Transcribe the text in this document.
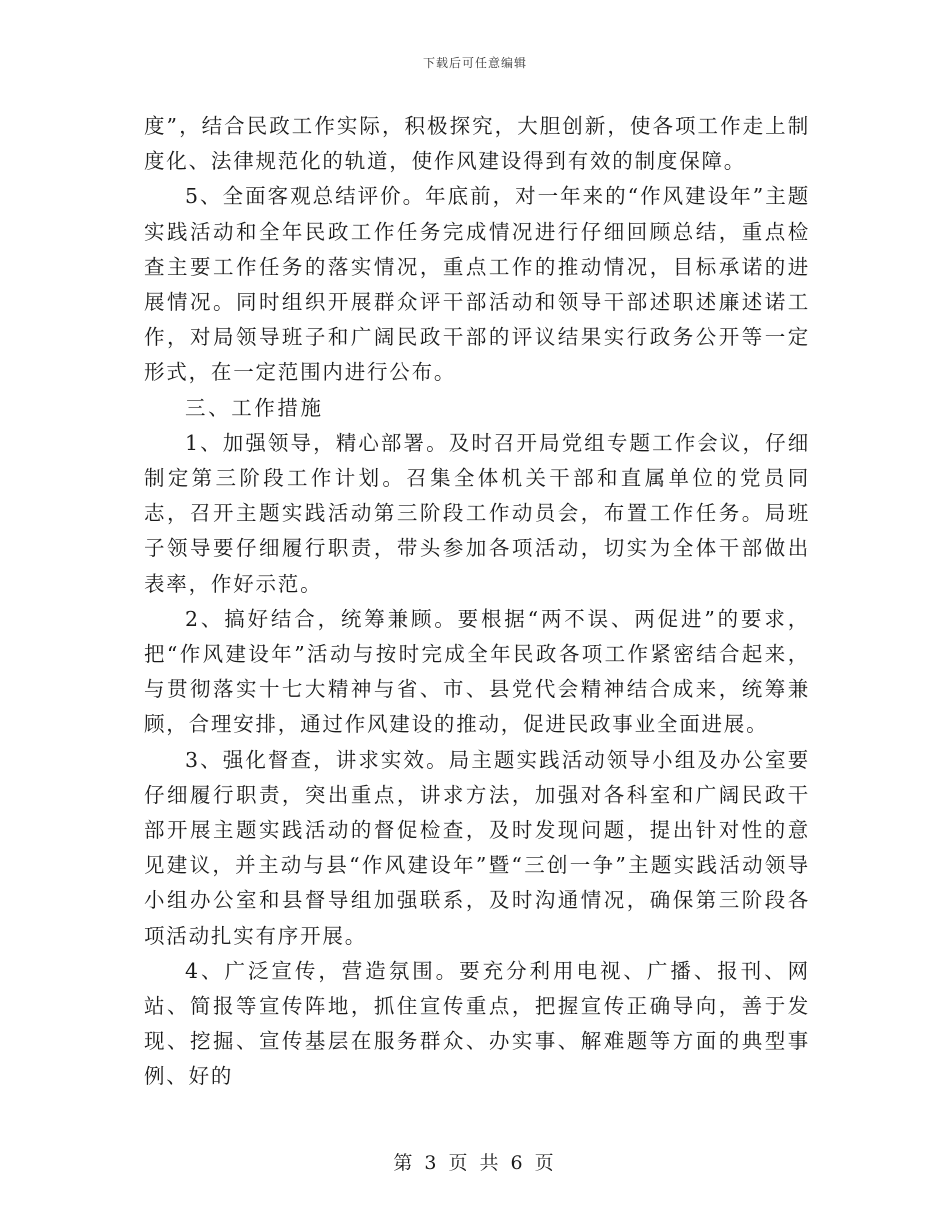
下载后可任意编辑

度”，结合民政工作实际，积极探究，大胆创新，使各项工作走上制度化、法律规范化的轨道，使作风建设得到有效的制度保障。

5、全面客观总结评价。年底前，对一年来的“作风建设年”主题实践活动和全年民政工作任务完成情况进行仔细回顾总结，重点检查主要工作任务的落实情况，重点工作的推动情况，目标承诺的进展情况。同时组织开展群众评干部活动和领导干部述职述廉述诺工作，对局领导班子和广阔民政干部的评议结果实行政务公开等一定形式，在一定范围内进行公布。

三、工作措施

1、加强领导，精心部署。及时召开局党组专题工作会议，仔细制定第三阶段工作计划。召集全体机关干部和直属单位的党员同志，召开主题实践活动第三阶段工作动员会，布置工作任务。局班子领导要仔细履行职责，带头参加各项活动，切实为全体干部做出表率，作好示范。

2、搞好结合，统筹兼顾。要根据“两不误、两促进”的要求，把“作风建设年”活动与按时完成全年民政各项工作紧密结合起来，与贯彻落实十七大精神与省、市、县党代会精神结合成来，统筹兼顾，合理安排，通过作风建设的推动，促进民政事业全面进展。

3、强化督查，讲求实效。局主题实践活动领导小组及办公室要仔细履行职责，突出重点，讲求方法，加强对各科室和广阔民政干部开展主题实践活动的督促检查，及时发现问题，提出针对性的意见建议，并主动与县“作风建设年”暨“三创一争”主题实践活动领导小组办公室和县督导组加强联系，及时沟通情况，确保第三阶段各项活动扎实有序开展。

4、广泛宣传，营造氛围。要充分利用电视、广播、报刊、网站、简报等宣传阵地，抓住宣传重点，把握宣传正确导向，善于发现、挖掘、宣传基层在服务群众、办实事、解难题等方面的典型事例、好的

第 3 页 共 6 页
